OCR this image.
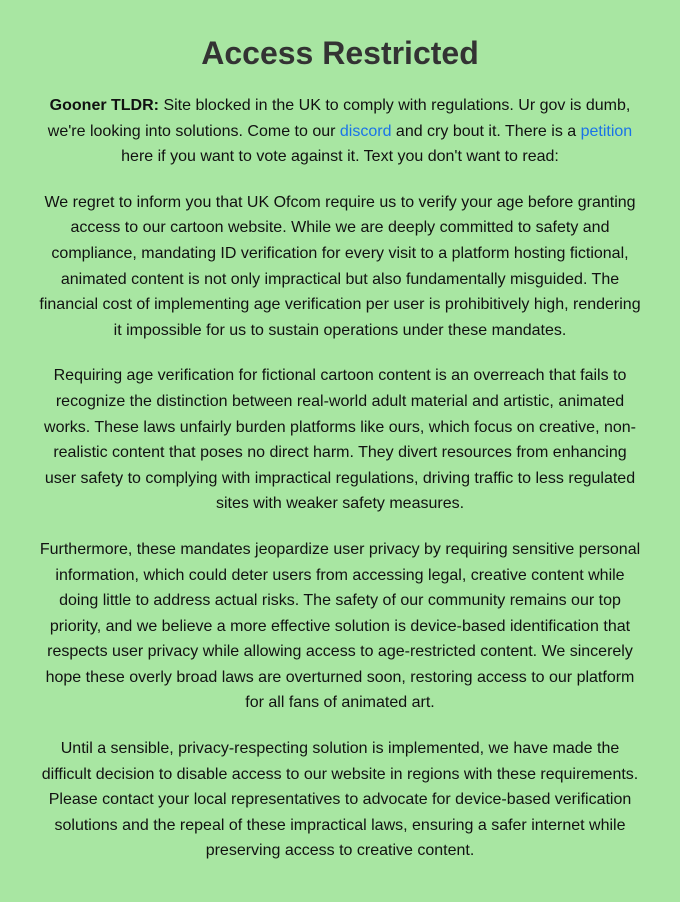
Access Restricted

Gooner TLDR: Site blocked in the UK to comply with regulations. Ur gov is dumb, we're looking into solutions. Come to our discord and cry bout it. There is a petition here if you want to vote against it. Text you don't want to read:

We regret to inform you that UK Ofcom require us to verify your age before granting access to our cartoon website. While we are deeply committed to safety and compliance, mandating ID verification for every visit to a platform hosting fictional, animated content is not only impractical but also fundamentally misguided. The financial cost of implementing age verification per user is prohibitively high, rendering it impossible for us to sustain operations under these mandates.

Requiring age verification for fictional cartoon content is an overreach that fails to recognize the distinction between real-world adult material and artistic, animated works. These laws unfairly burden platforms like ours, which focus on creative, non-realistic content that poses no direct harm. They divert resources from enhancing user safety to complying with impractical regulations, driving traffic to less regulated sites with weaker safety measures.

Furthermore, these mandates jeopardize user privacy by requiring sensitive personal information, which could deter users from accessing legal, creative content while doing little to address actual risks. The safety of our community remains our top priority, and we believe a more effective solution is device-based identification that respects user privacy while allowing access to age-restricted content. We sincerely hope these overly broad laws are overturned soon, restoring access to our platform for all fans of animated art.

Until a sensible, privacy-respecting solution is implemented, we have made the difficult decision to disable access to our website in regions with these requirements. Please contact your local representatives to advocate for device-based verification solutions and the repeal of these impractical laws, ensuring a safer internet while preserving access to creative content.
